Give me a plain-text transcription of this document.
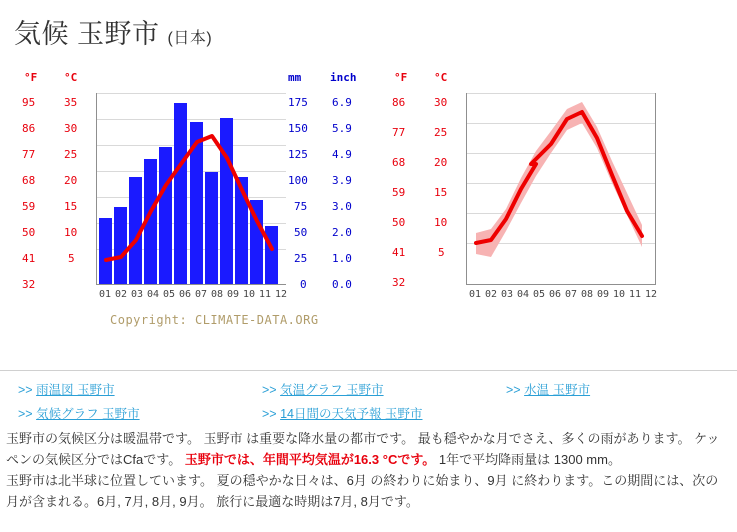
気候 玉野市 (日本)
°F °C	mm	inch
95
86
77
68
59
50
41
32
35
30
25
20
15
10
5
175
150
125
100
75
50
25
0
6.9
5.9
4.9
3.9
3.0
2.0
1.0
0.0
01 02 03 04 05 06 07 08 09 10 11 12
Copyright: CLIMATE-DATA.ORG
°F °C
86
77
68
59
50
41
32
30
25
20
15
10
5
01 02 03 04 05 06 07 08 09 10 11 12
>> 雨温図 玉野市	>> 気温グラフ 玉野市	>> 水温 玉野市
>> 気候グラフ 玉野市	>> 14日間の天気予報 玉野市

玉野市の気候区分は暖温帯です。 玉野市 は重要な降水量の都市です。 最も穏やかな月でさえ、多くの雨があります。 ケッペンの気候区分ではCfaです。 玉野市では、年間平均気温が16.3 °Cです。 1年で平均降雨量は 1300 mm。

玉野市は北半球に位置しています。 夏の穏やかな日々は、6月 の終わりに始まり、9月 に終わります。この期間には、次の月が含まれる。6月, 7月, 8月, 9月。 旅行に最適な時期は7月, 8月です。
